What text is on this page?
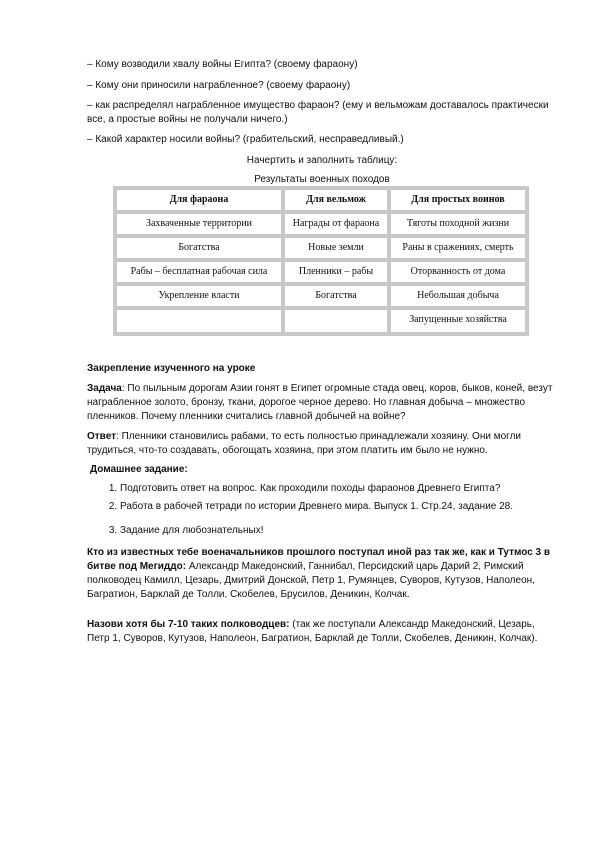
– Кому возводили хвалу войны Египта? (своему фараону)

– Кому они приносили награбленное? (своему фараону)

– как распределял награбленное имущество фараон? (ему и вельможам доставалось практически все, а простые войны не получали ничего.)

– Какой характер носили войны? (грабительский, несправедливый.)

Начертить и заполнить таблицу:

Результаты военных походов

Для фараона	Для вельмож	Для простых воинов
Захваченные территории	Награды от фараона	Тяготы походной жизни
Богатства	Новые земли	Раны в сражениях, смерть
Рабы – бесплатная рабочая сила	Пленники – рабы	Оторванность от дома
Укрепление власти	Богатства	Небольшая добыча
		Запущенные хозяйства

Закрепление изученного на уроке

Задача: По пыльным дорогам Азии гонят в Египет огромные стада овец, коров, быков, коней, везут награбленное золото, бронзу, ткани, дорогое черное дерево. Но главная добыча – множество пленников. Почему пленники считались главной добычей на войне?

Ответ: Пленники становились рабами, то есть полностью принадлежали хозяину. Они могли трудиться, что-то создавать, обогощать хозяина, при этом платить им было не нужно.

Домашнее задание:

1. Подготовить ответ на вопрос. Как проходили походы фараонов Древнего Египта?
2. Работа в рабочей тетради по истории Древнего мира. Выпуск 1. Стр.24, задание 28.
3. Задание для любознательных!

Кто из известных тебе военачальников прошлого поступал иной раз так же, как и Тутмос 3 в битве под Мегиддо: Александр Македонский, Ганнибал, Персидский царь Дарий 2, Римский полководец Камилл, Цезарь, Дмитрий Донской, Петр 1, Румянцев, Суворов, Кутузов, Наполеон, Багратион, Барклай де Толли, Скобелев, Брусилов, Деникин, Колчак.

Назови хотя бы 7-10 таких полководцев: (так же поступали Александр Македонский, Цезарь, Петр 1, Суворов, Кутузов, Наполеон, Багратион, Барклай де Толли, Скобелев, Деникин, Колчак).
